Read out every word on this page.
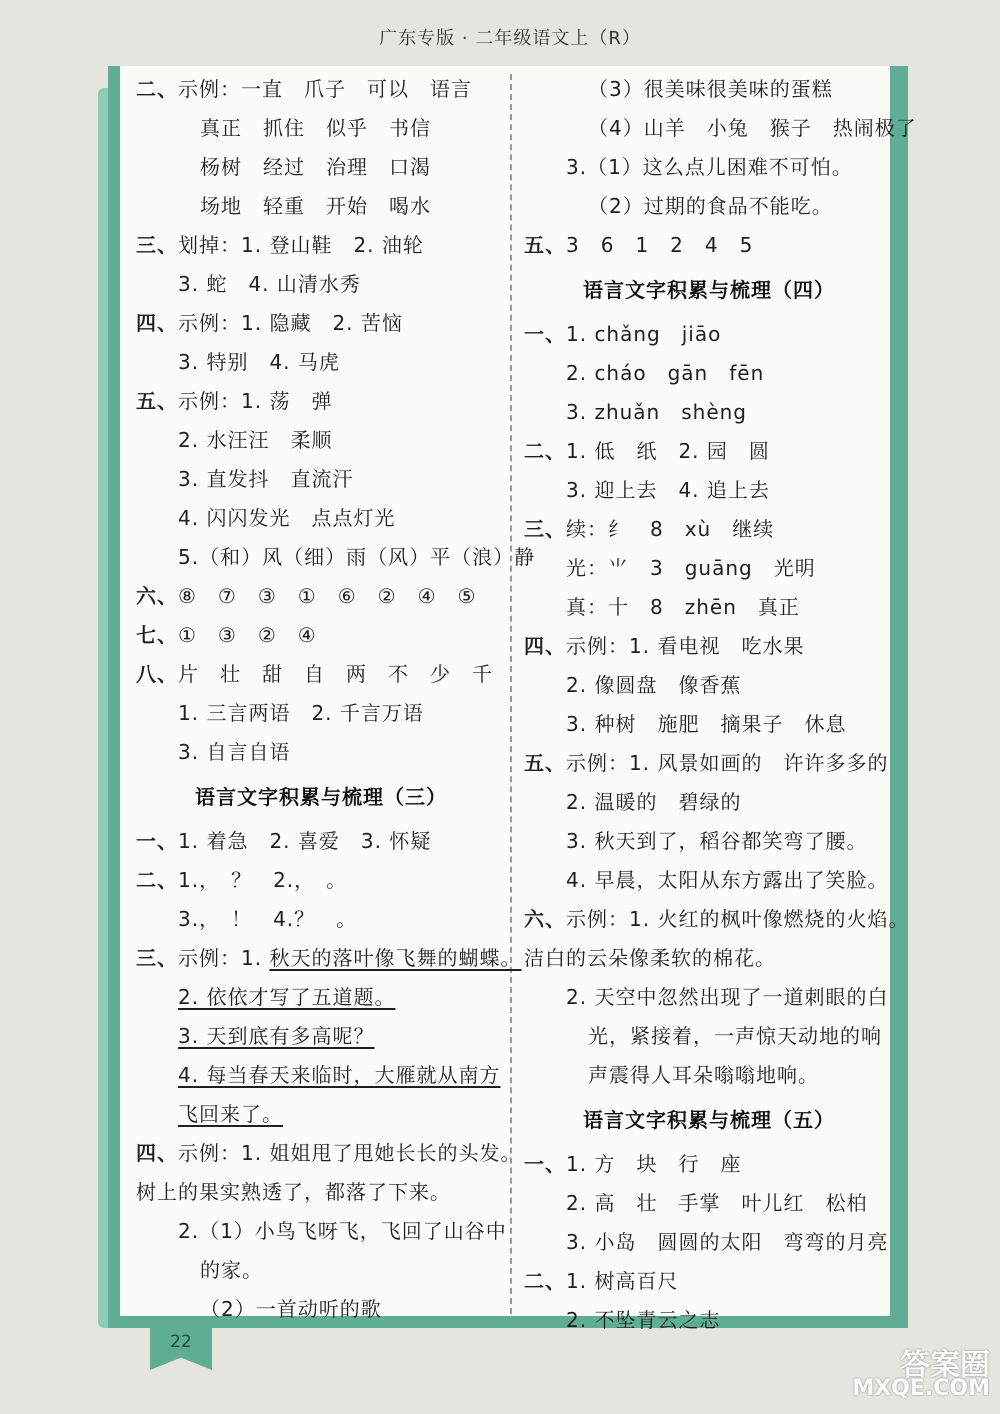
广东专版 · 二年级语文上（R）
二、示例：一直　爪子　可以　语言
真正　抓住　似乎　书信
杨树　经过　治理　口渴
场地　轻重　开始　喝水
三、划掉：1. 登山鞋　2. 油轮
3. 蛇　4. 山清水秀
四、示例：1. 隐藏　2. 苦恼
3. 特别　4. 马虎
五、示例：1. 荡　弹
2. 水汪汪　柔顺
3. 直发抖　直流汗
4. 闪闪发光　点点灯光
5.（和）风（细）雨（风）平（浪）静
六、⑧　⑦　③　①　⑥　②　④　⑤
七、①　③　②　④
八、片　壮　甜　自　两　不　少　千
1. 三言两语　2. 千言万语
3. 自言自语
语言文字积累与梳理（三）
一、1. 着急　2. 喜爱　3. 怀疑
二、1.，　？　2.，　。
3.，　！　4.？　。
三、示例：1. 秋天的落叶像飞舞的蝴蝶。
2. 依依才写了五道题。
3. 天到底有多高呢？
4. 每当春天来临时，大雁就从南方
飞回来了。
四、示例：1. 姐姐甩了甩她长长的头发。
树上的果实熟透了，都落了下来。
2.（1）小鸟飞呀飞，飞回了山谷中
的家。
（2）一首动听的歌
（3）很美味很美味的蛋糕
（4）山羊　小兔　猴子　热闹极了
3.（1）这么点儿困难不可怕。
（2）过期的食品不能吃。
五、3　6　1　2　4　5
语言文字积累与梳理（四）
一、1. chǎng　jiāo
2. cháo　gān　fēn
3. zhuǎn　shèng
二、1. 低　纸　2. 园　圆
3. 迎上去　4. 追上去
三、续：纟　8　xù　继续
光：⺌　3　guāng　光明
真：十　8　zhēn　真正
四、示例：1. 看电视　吃水果
2. 像圆盘　像香蕉
3. 种树　施肥　摘果子　休息
五、示例：1. 风景如画的　许许多多的
2. 温暖的　碧绿的
3. 秋天到了，稻谷都笑弯了腰。
4. 早晨，太阳从东方露出了笑脸。
六、示例：1. 火红的枫叶像燃烧的火焰。
洁白的云朵像柔软的棉花。
2. 天空中忽然出现了一道刺眼的白
光，紧接着，一声惊天动地的响
声震得人耳朵嗡嗡地响。
语言文字积累与梳理（五）
一、1. 方　块　行　座
2. 高　壮　手掌　叶儿红　松柏
3. 小岛　圆圆的太阳　弯弯的月亮
二、1. 树高百尺
2. 不坠青云之志
22
答案圈
MXQE.COM
